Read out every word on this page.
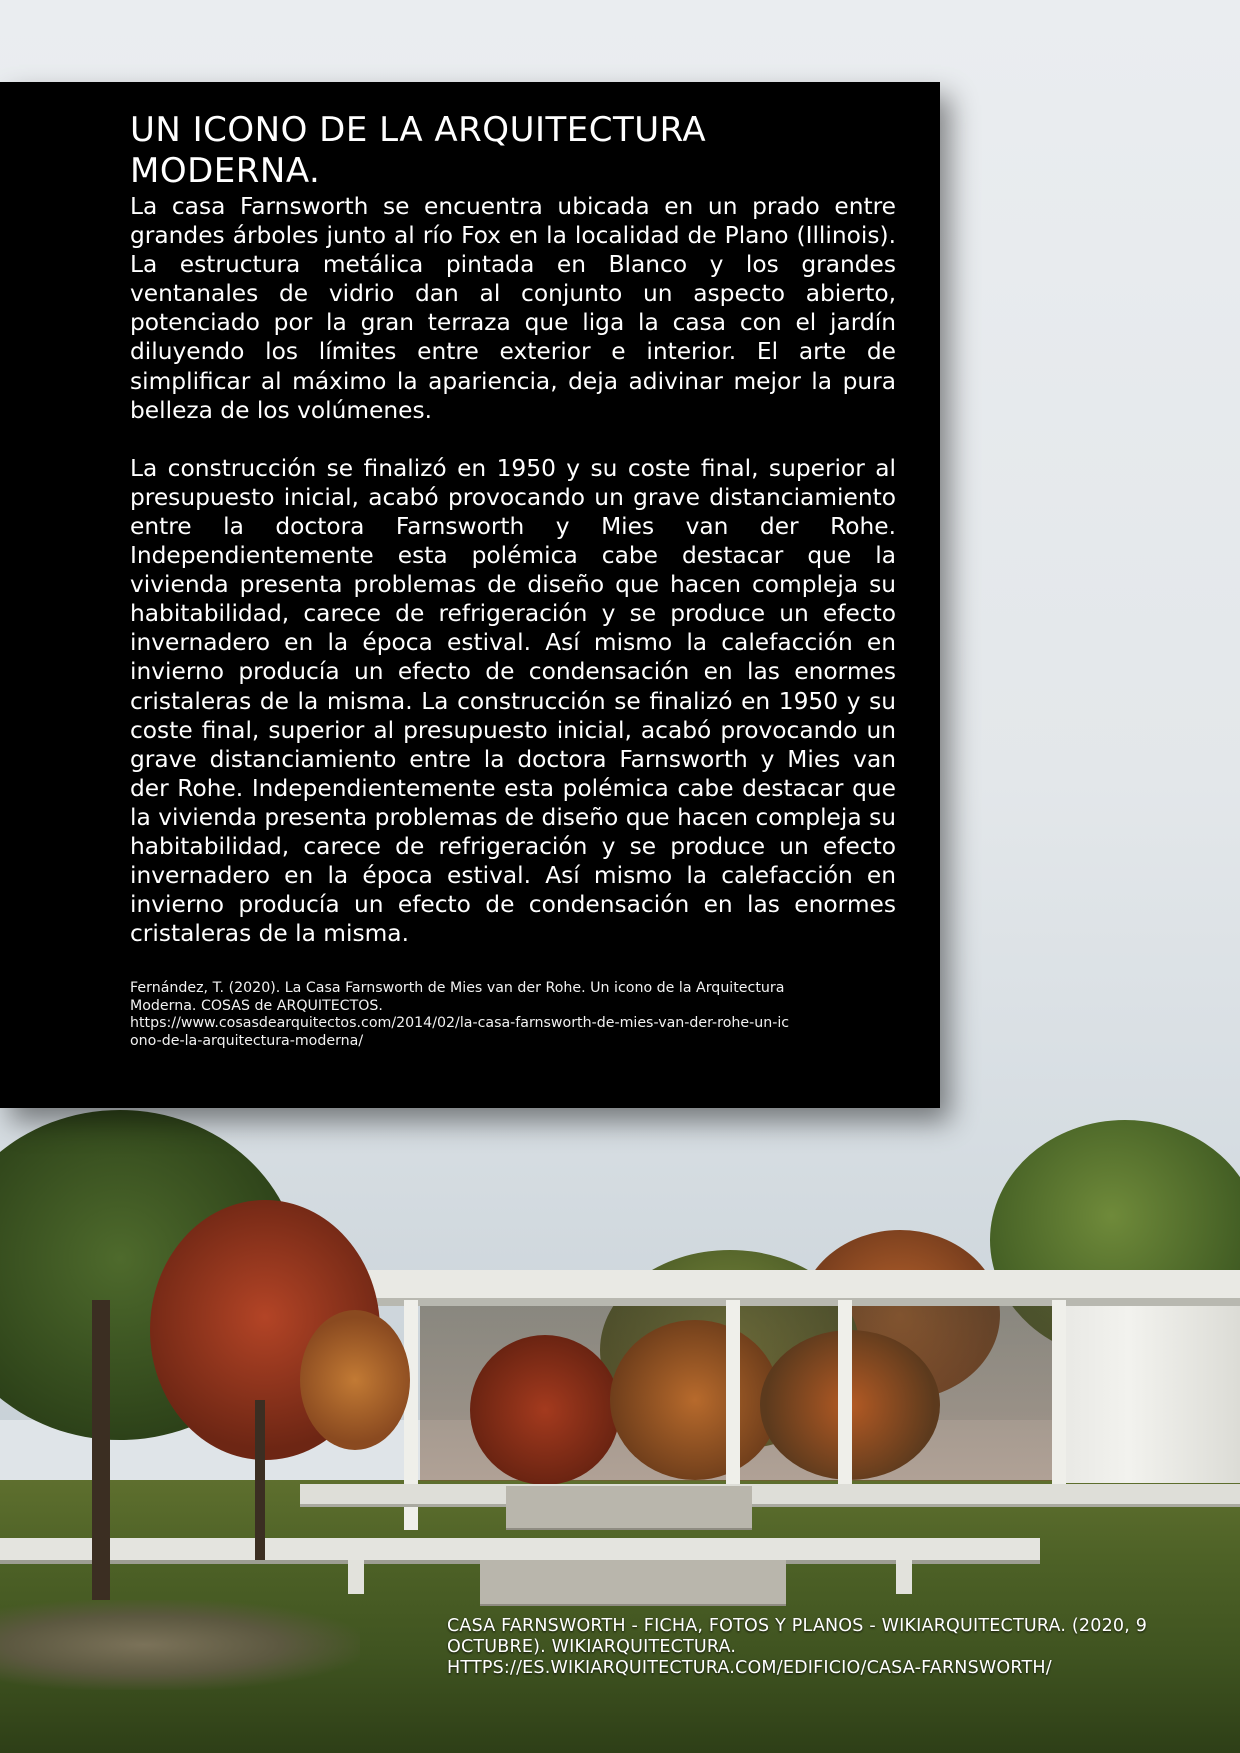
UN ICONO DE LA ARQUITECTURA
MODERNA.

La casa Farnsworth se encuentra ubicada en un prado entre grandes árboles junto al río Fox en la localidad de Plano (Illinois). La estructura metálica pintada en Blanco y los grandes ventanales de vidrio dan al conjunto un aspecto abierto, potenciado por la gran terraza que liga la casa con el jardín diluyendo los límites entre exterior e interior. El arte de simplificar al máximo la apariencia, deja adivinar mejor la pura belleza de los volúmenes.

La construcción se finalizó en 1950 y su coste final, superior al presupuesto inicial, acabó provocando un grave distanciamiento entre la doctora Farnsworth y Mies van der Rohe. Independientemente esta polémica cabe destacar que la vivienda presenta problemas de diseño que hacen compleja su habitabilidad, carece de refrigeración y se produce un efecto invernadero en la época estival. Así mismo la calefacción en invierno producía un efecto de condensación en las enormes cristaleras de la misma. La construcción se finalizó en 1950 y su coste final, superior al presupuesto inicial, acabó provocando un grave distanciamiento entre la doctora Farnsworth y Mies van der Rohe. Independientemente esta polémica cabe destacar que la vivienda presenta problemas de diseño que hacen compleja su habitabilidad, carece de refrigeración y se produce un efecto invernadero en la época estival. Así mismo la calefacción en invierno producía un efecto de condensación en las enormes cristaleras de la misma.

Fernández, T. (2020). La Casa Farnsworth de Mies van der Rohe. Un icono de la Arquitectura
Moderna. COSAS de ARQUITECTOS.
https://www.cosasdearquitectos.com/2014/02/la-casa-farnsworth-de-mies-van-der-rohe-un-ic
ono-de-la-arquitectura-moderna/
CASA FARNSWORTH - FICHA, FOTOS Y PLANOS - WIKIARQUITECTURA. (2020, 9
OCTUBRE). WIKIARQUITECTURA.
HTTPS://ES.WIKIARQUITECTURA.COM/EDIFICIO/CASA-FARNSWORTH/
